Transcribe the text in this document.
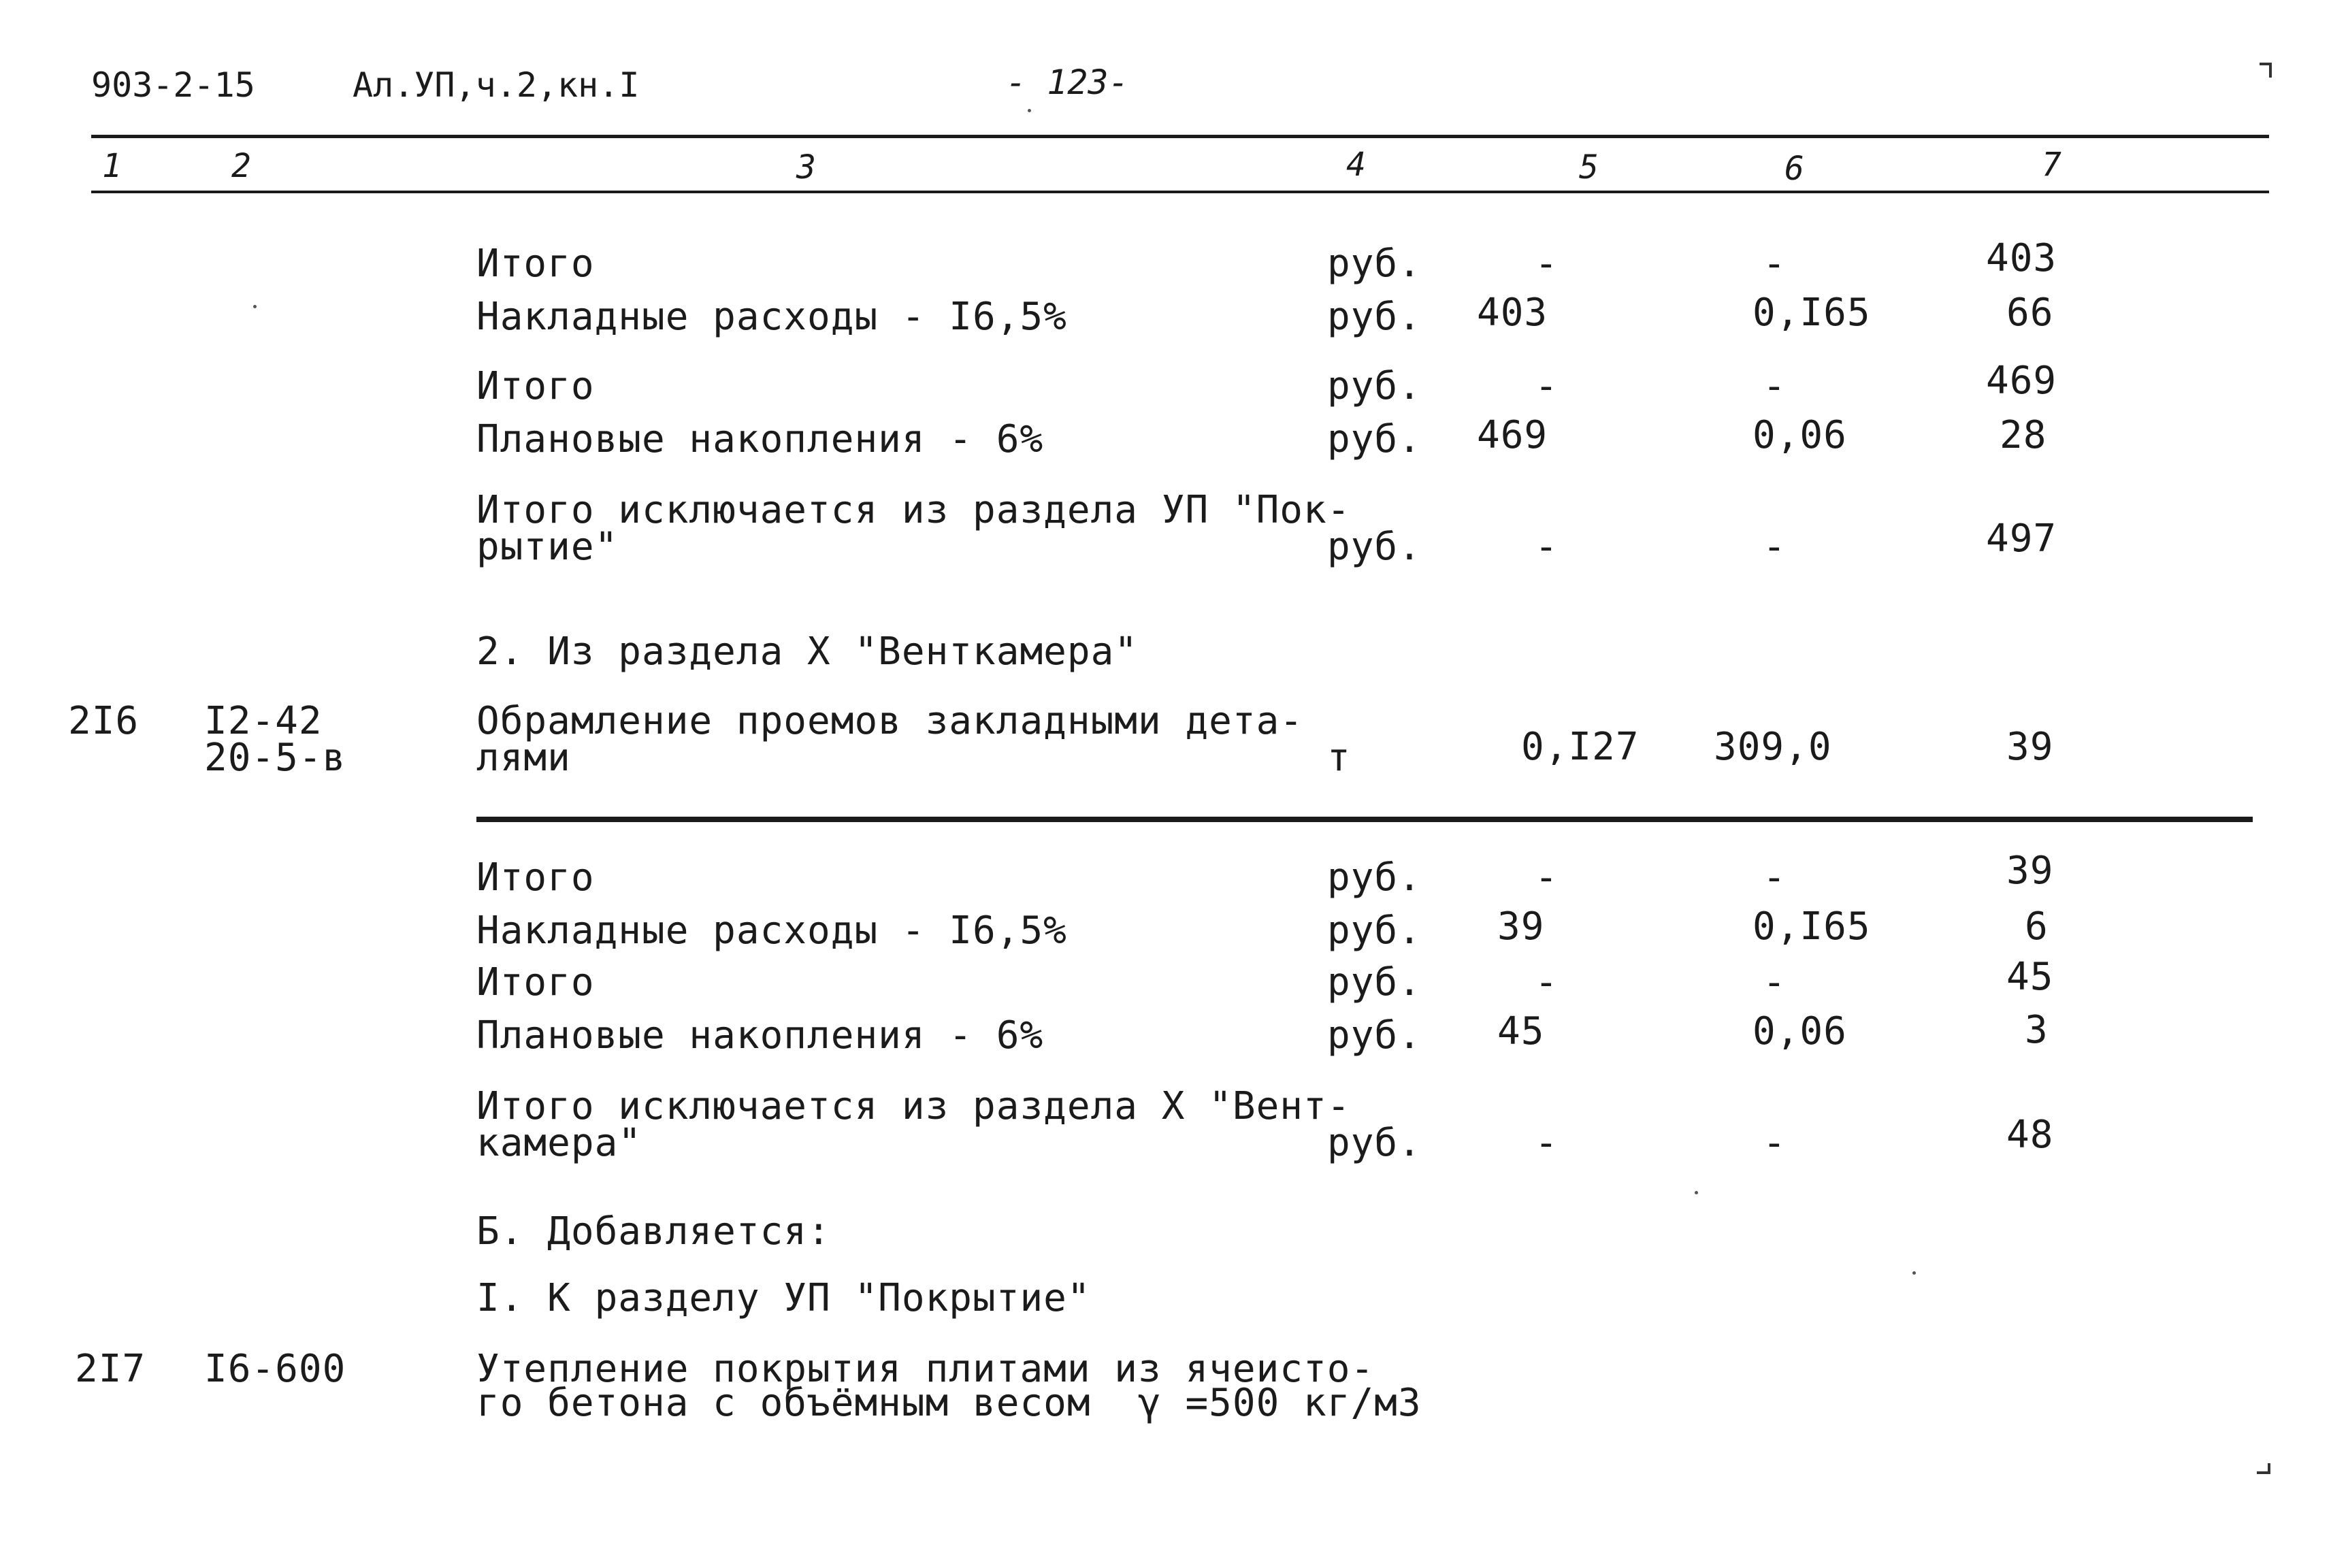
903-2-15	Ал.УП,ч.2,кн.I	- 123-
1	2	3	4	5	6	7
Итого	руб.	-	-	403
Накладные расходы - I6,5%	руб. 403	0,I65	66
Итого	руб.	-	-	469
Плановые накопления - 6%	руб. 469	0,06	28
Итого исключается из раздела УП "Пок-
рытие"	руб.	-	-	497
2. Из раздела Х "Венткамера"
2I6 I2-42
20-5-в
Обрамление проемов закладными дета-
лями	т	0,I27 309,0	39
Итого	руб.	-	-	39
Накладные расходы - I6,5%	руб. 39	0,I65	6
Итого	руб.	-	-	45
Плановые накопления - 6%	руб. 45	0,06	3
Итого исключается из раздела Х "Вент-
камера"	руб.	-	-	48
Б. Добавляется:
I. К разделу УП "Покрытие"
2I7 I6-600	Утепление покрытия плитами из ячеисто-
го бетона с объёмным весом  γ =500 кг/м3
